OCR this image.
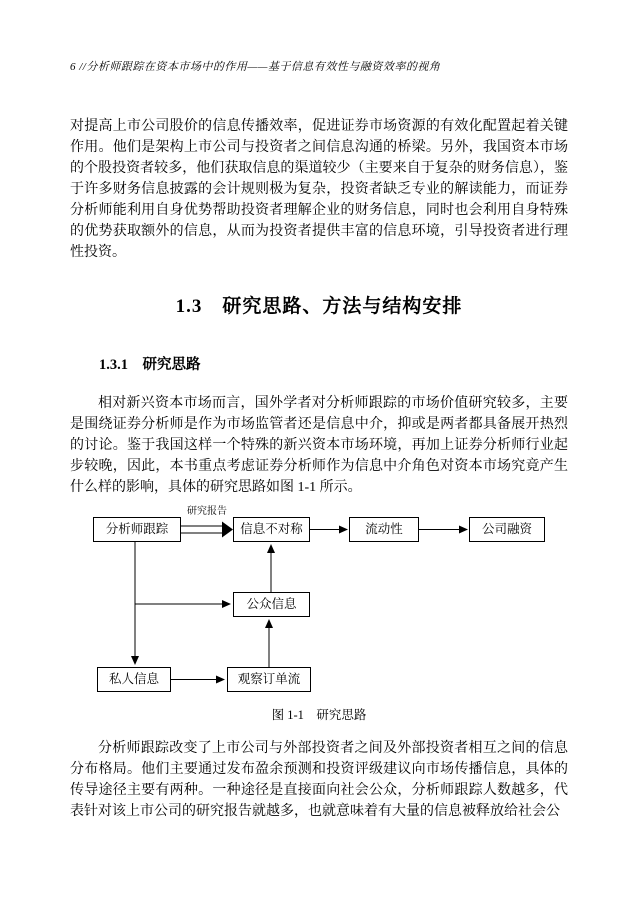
6 //分析师跟踪在资本市场中的作用——基于信息有效性与融资效率的视角

对提高上市公司股价的信息传播效率，促进证券市场资源的有效化配置起着关键作用。他们是架构上市公司与投资者之间信息沟通的桥梁。另外，我国资本市场的个股投资者较多，他们获取信息的渠道较少（主要来自于复杂的财务信息），鉴于许多财务信息披露的会计规则极为复杂，投资者缺乏专业的解读能力，而证券分析师能利用自身优势帮助投资者理解企业的财务信息，同时也会利用自身特殊的优势获取额外的信息，从而为投资者提供丰富的信息环境，引导投资者进行理性投资。

1.3　研究思路、方法与结构安排
1.3.1　研究思路

相对新兴资本市场而言，国外学者对分析师跟踪的市场价值研究较多，主要是围绕证券分析师是作为市场监管者还是信息中介，抑或是两者都具备展开热烈的讨论。鉴于我国这样一个特殊的新兴资本市场环境，再加上证券分析师行业起步较晚，因此，本书重点考虑证券分析师作为信息中介角色对资本市场究竟产生什么样的影响，具体的研究思路如图 1-1 所示。

研究报告
分析师跟踪	信息不对称	流动性	公司融资
公众信息
私人信息	观察订单流
图 1-1　研究思路

分析师跟踪改变了上市公司与外部投资者之间及外部投资者相互之间的信息分布格局。他们主要通过发布盈余预测和投资评级建议向市场传播信息，具体的传导途径主要有两种。一种途径是直接面向社会公众，分析师跟踪人数越多，代表针对该上市公司的研究报告就越多，也就意味着有大量的信息被释放给社会公
